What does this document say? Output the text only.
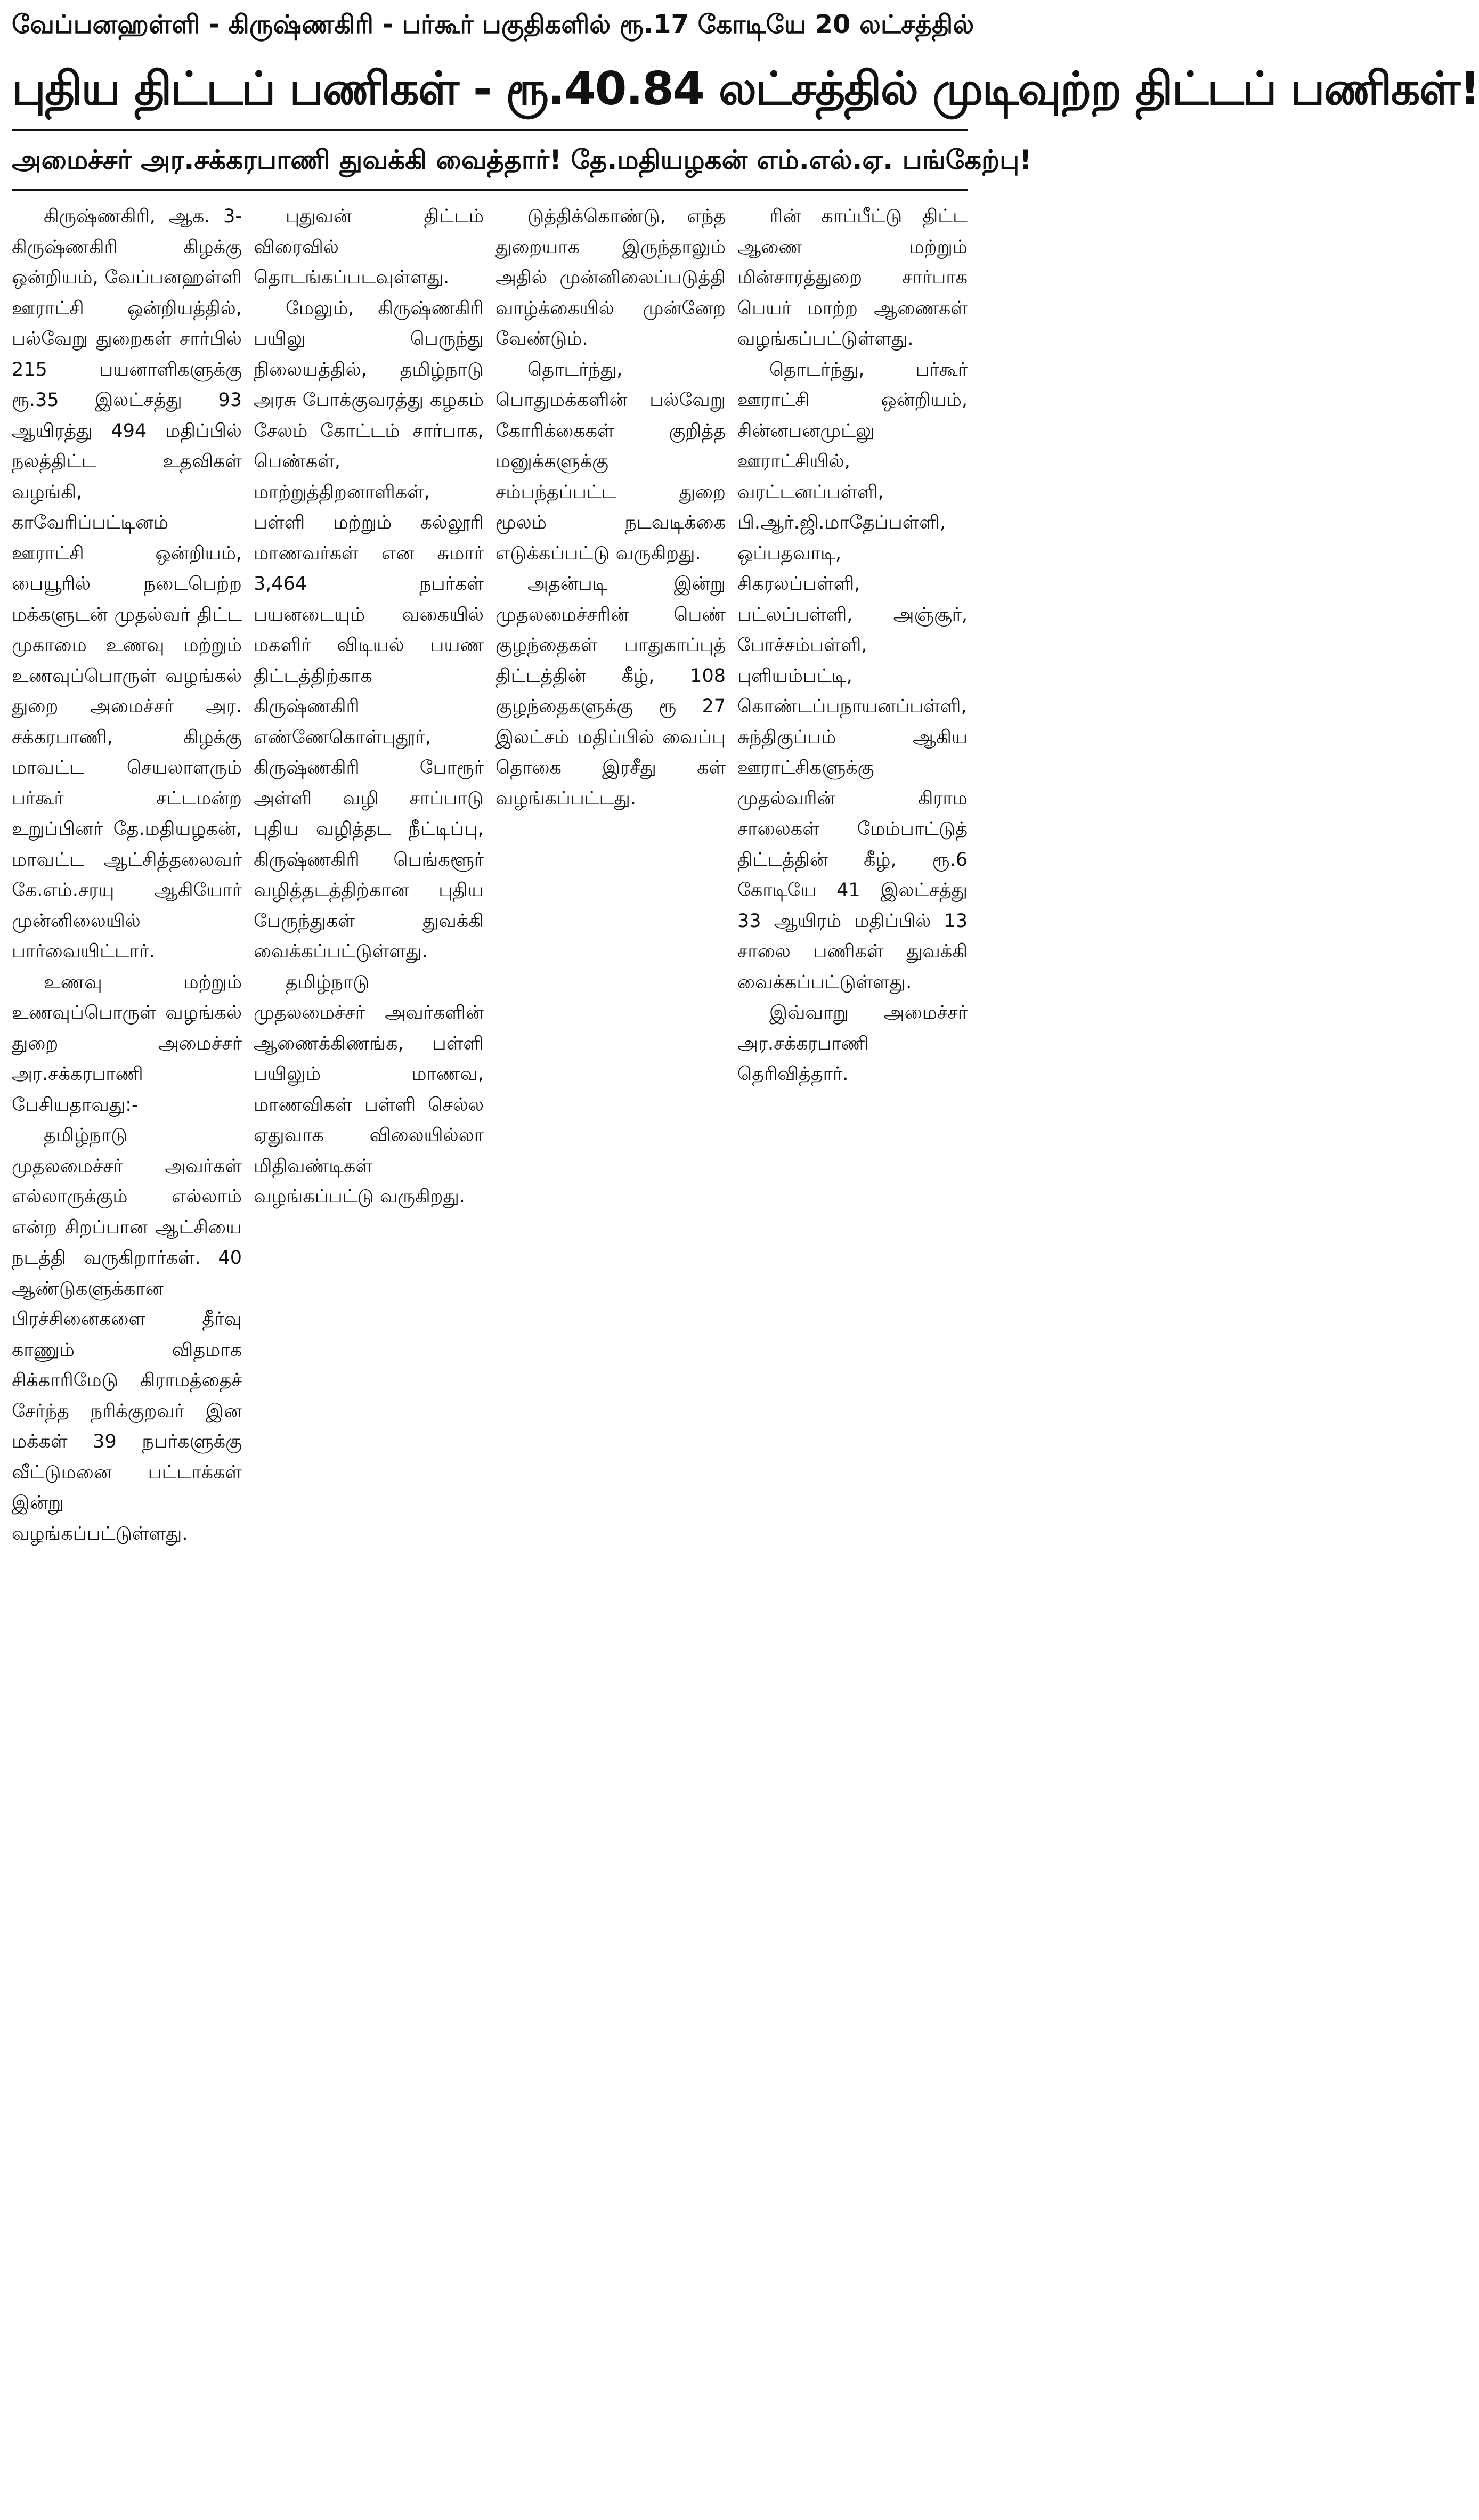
வேப்பனஹள்ளி - கிருஷ்ணகிரி - பர்கூர் பகுதிகளில் ரூ.17 கோடியே 20 லட்சத்தில்
புதிய திட்டப் பணிகள் - ரூ.40.84 லட்சத்தில் முடிவுற்ற திட்டப் பணிகள்!
அமைச்சர் அர.சக்கரபாணி துவக்கி வைத்தார்! தே.மதியழகன் எம்.எல்.ஏ. பங்கேற்பு!

கிருஷ்ணகிரி, ஆக. 3- கிருஷ்ணகிரி கிழக்கு ஒன்றியம், வேப்பனஹள்ளி ஊராட்சி ஒன்றியத்தில், பல்வேறு துறைகள் சார்பில் 215 பயனாளிகளுக்கு ரூ.35 இலட்சத்து 93 ஆயிரத்து 494 மதிப்பில் நலத்திட்ட உதவிகள் வழங்கி, காவேரிப்பட்டினம் ஊராட்சி ஒன்றியம், பையூரில் நடைபெற்ற மக்களுடன் முதல்வர் திட்ட முகாமை உணவு மற்றும் உணவுப்பொருள் வழங்கல் துறை அமைச்சர் அர. சக்கரபாணி, கிழக்கு மாவட்ட செயலாளரும் பர்கூர் சட்டமன்ற உறுப்பினர் தே.மதியழகன், மாவட்ட ஆட்சித்தலைவர் கே.எம்.சரயு ஆகியோர் முன்னிலையில் பார்வையிட்டார்.

உணவு மற்றும் உணவுப்பொருள் வழங்கல் துறை அமைச்சர் அர.சக்கரபாணி பேசியதாவது:-

தமிழ்நாடு முதலமைச்சர் அவர்கள் எல்லாருக்கும் எல்லாம் என்ற சிறப்பான ஆட்சியை நடத்தி வருகிறார்கள். 40 ஆண்டுகளுக்கான பிரச்சினைகளை தீர்வு காணும் விதமாக சிக்காரிமேடு கிராமத்தைச் சேர்ந்த நரிக்குறவர் இன மக்கள் 39 நபர்களுக்கு வீட்டுமனை பட்டாக்கள் இன்று வழங்கப்பட்டுள்ளது.

புதுவன் திட்டம் விரைவில் தொடங்கப்படவுள்ளது.

மேலும், கிருஷ்ணகிரி பயிலு பெருந்து நிலையத்தில், தமிழ்நாடு அரசு போக்குவரத்து கழகம் சேலம் கோட்டம் சார்பாக, பெண்கள், மாற்றுத்திறனாளிகள், பள்ளி மற்றும் கல்லூரி மாணவர்கள் என சுமார் 3,464 நபர்கள் பயனடையும் வகையில் மகளிர் விடியல் பயண திட்டத்திற்காக கிருஷ்ணகிரி எண்ணேகொள்புதூர், கிருஷ்ணகிரி போரூர் அள்ளி வழி சாப்பாடு புதிய வழித்தட நீட்டிப்பு, கிருஷ்ணகிரி பெங்களூர் வழித்தடத்திற்கான புதிய பேருந்துகள் துவக்கி வைக்கப்பட்டுள்ளது.

தமிழ்நாடு முதலமைச்சர் அவர்களின் ஆணைக்கிணங்க, பள்ளி பயிலும் மாணவ, மாணவிகள் பள்ளி செல்ல ஏதுவாக விலையில்லா மிதிவண்டிகள் வழங்கப்பட்டு வருகிறது.

டுத்திக்கொண்டு, எந்த துறையாக இருந்தாலும் அதில் முன்னிலைப்படுத்தி வாழ்க்கையில் முன்னேற வேண்டும்.

தொடர்ந்து, பொதுமக்களின் பல்வேறு கோரிக்கைகள் குறித்த மனுக்களுக்கு சம்பந்தப்பட்ட துறை மூலம் நடவடிக்கை எடுக்கப்பட்டு வருகிறது.

அதன்படி இன்று முதலமைச்சரின் பெண் குழந்தைகள் பாதுகாப்புத் திட்டத்தின் கீழ், 108 குழந்தைகளுக்கு ரூ 27 இலட்சம் மதிப்பில் வைப்பு தொகை இரசீது கள் வழங்கப்பட்டது.

ரின் காப்பீட்டு திட்ட ஆணை மற்றும் மின்சாரத்துறை சார்பாக பெயர் மாற்ற ஆணைகள் வழங்கப்பட்டுள்ளது.

தொடர்ந்து, பர்கூர் ஊராட்சி ஒன்றியம், சின்னபனமுட்லு ஊராட்சியில், வரட்டனப்பள்ளி, பி.ஆர்.ஜி.மாதேப்பள்ளி, ஒப்பதவாடி, சிகரலப்பள்ளி, பட்லப்பள்ளி, அஞ்சூர், போச்சம்பள்ளி, புளியம்பட்டி, கொண்டப்பநாயனப்பள்ளி, சுந்திகுப்பம் ஆகிய ஊராட்சிகளுக்கு முதல்வரின் கிராம சாலைகள் மேம்பாட்டுத் திட்டத்தின் கீழ், ரூ.6 கோடியே 41 இலட்சத்து 33 ஆயிரம் மதிப்பில் 13 சாலை பணிகள் துவக்கி வைக்கப்பட்டுள்ளது.

இவ்வாறு அமைச்சர் அர.சக்கரபாணி தெரிவித்தார்.
